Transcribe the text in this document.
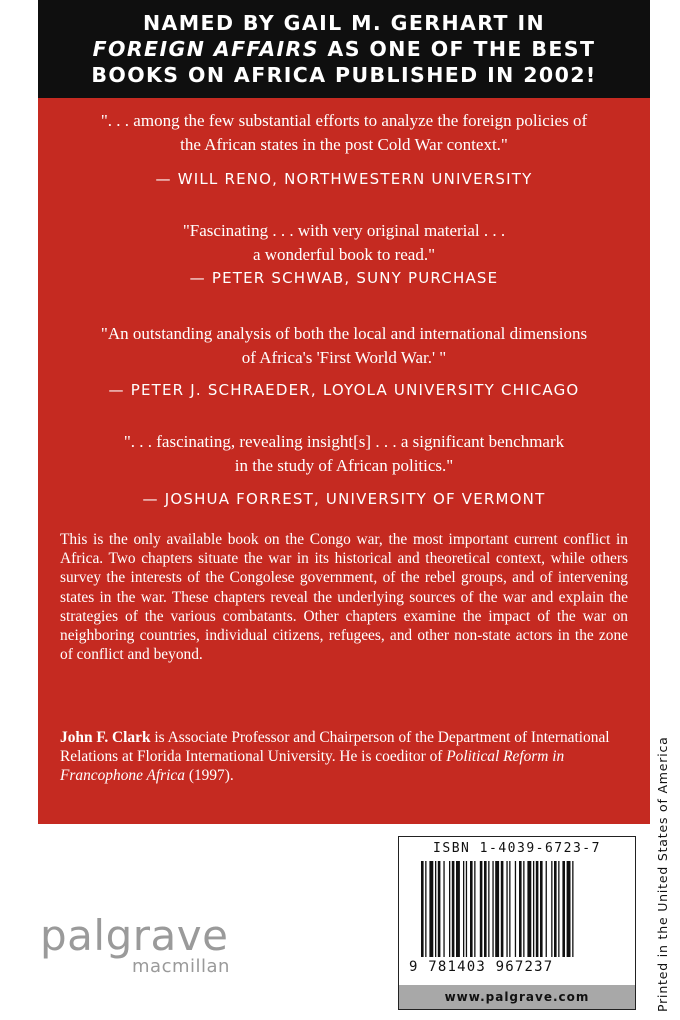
NAMED BY GAIL M. GERHART IN
FOREIGN AFFAIRS AS ONE OF THE BEST
BOOKS ON AFRICA PUBLISHED IN 2002!
". . . among the few substantial efforts to analyze the foreign policies of
the African states in the post Cold War context."
— WILL RENO, NORTHWESTERN UNIVERSITY
"Fascinating . . . with very original material . . .
a wonderful book to read."
— PETER SCHWAB, SUNY PURCHASE
"An outstanding analysis of both the local and international dimensions
of Africa's 'First World War.' "
— PETER J. SCHRAEDER, LOYOLA UNIVERSITY CHICAGO
". . . fascinating, revealing insight[s] . . . a significant benchmark
in the study of African politics."
— JOSHUA FORREST, UNIVERSITY OF VERMONT

This is the only available book on the Congo war, the most important current conflict in Africa. Two chapters situate the war in its historical and theoretical context, while others survey the interests of the Congolese government, of the rebel groups, and of intervening states in the war. These chapters reveal the underlying sources of the war and explain the strategies of the various combatants. Other chapters examine the impact of the war on neighboring countries, individual citizens, refugees, and other non-state actors in the zone of conflict and beyond.

John F. Clark is Associate Professor and Chairperson of the Department of International Relations at Florida International University. He is coeditor of Political Reform in Francophone Africa (1997).
palgrave
macmillan
ISBN 1-4039-6723-7
9 781403 967237
www.palgrave.com	Printed in the United States of America
